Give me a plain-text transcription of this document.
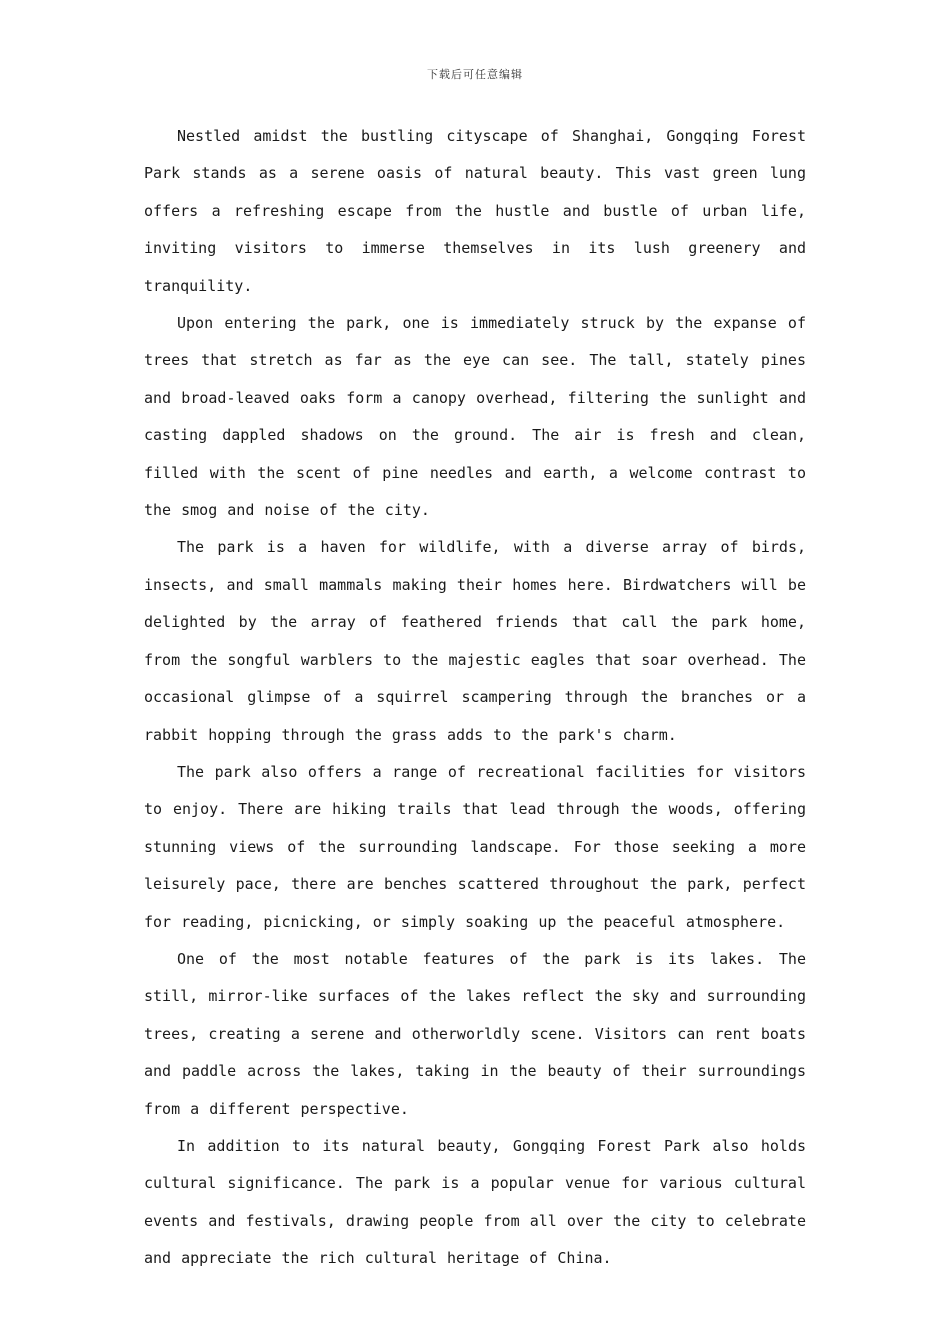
下载后可任意编辑

Nestled amidst the bustling cityscape of Shanghai, Gongqing Forest Park stands as a serene oasis of natural beauty. This vast green lung offers a refreshing escape from the hustle and bustle of urban life, inviting visitors to immerse themselves in its lush greenery and tranquility.

Upon entering the park, one is immediately struck by the expanse of trees that stretch as far as the eye can see. The tall, stately pines and broad-leaved oaks form a canopy overhead, filtering the sunlight and casting dappled shadows on the ground. The air is fresh and clean, filled with the scent of pine needles and earth, a welcome contrast to the smog and noise of the city.

The park is a haven for wildlife, with a diverse array of birds, insects, and small mammals making their homes here. Birdwatchers will be delighted by the array of feathered friends that call the park home, from the songful warblers to the majestic eagles that soar overhead. The occasional glimpse of a squirrel scampering through the branches or a rabbit hopping through the grass adds to the park's charm.

The park also offers a range of recreational facilities for visitors to enjoy. There are hiking trails that lead through the woods, offering stunning views of the surrounding landscape. For those seeking a more leisurely pace, there are benches scattered throughout the park, perfect for reading, picnicking, or simply soaking up the peaceful atmosphere.

One of the most notable features of the park is its lakes. The still, mirror-like surfaces of the lakes reflect the sky and surrounding trees, creating a serene and otherworldly scene. Visitors can rent boats and paddle across the lakes, taking in the beauty of their surroundings from a different perspective.

In addition to its natural beauty, Gongqing Forest Park also holds cultural significance. The park is a popular venue for various cultural events and festivals, drawing people from all over the city to celebrate and appreciate the rich cultural heritage of China.
